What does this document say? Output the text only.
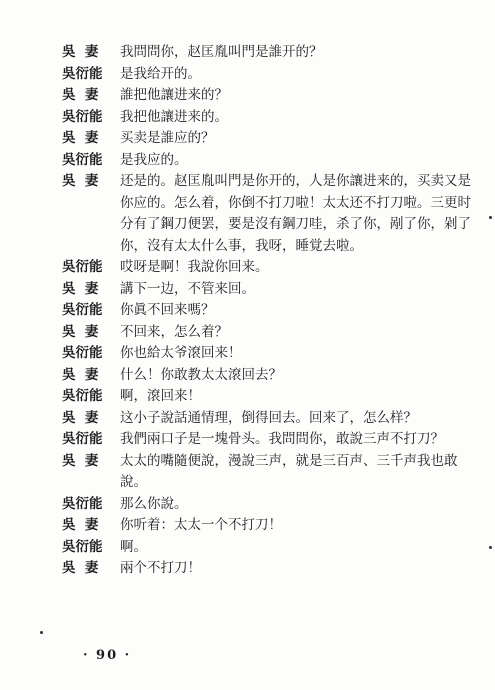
吳  妻	我問問你，赵匡胤叫門是誰开的？
吳衍能	是我给开的。
吳  妻	誰把他讓进来的？
吳衍能	我把他讓进来的。
吳  妻	买卖是誰应的？
吳衍能	是我应的。
吳  妻	还是的。赵匡胤叫門是你开的，人是你讓进来的，买卖又是你应的。怎么着，你倒不打刀啦！太太还不打刀啦。三更时分有了鋼刀便罢，要是沒有鋼刀哇，杀了你，剐了你，剁了你，沒有太太什么事，我呀，睡覚去啦。
吳衍能	哎呀是啊！我說你回来。
吳  妻	講下一边，不管来回。
吳衍能	你眞不回来嗎？
吳  妻	不回来，怎么着？
吳衍能	你也給太爷滾回来！
吳  妻	什么！你敢教太太滾回去？
吳衍能	啊，滾回来！
吳  妻	这小子說話通情理，倒得回去。回来了，怎么样？
吳衍能	我們兩口子是一塊骨头。我問問你，敢說三声不打刀？
吳  妻	太太的嘴隨便說，漫說三声，就是三百声、三千声我也敢說。
吳衍能	那么你說。
吳  妻	你听着：太太一个不打刀！
吳衍能	啊。
吳  妻	兩个不打刀！
· 90 ·
